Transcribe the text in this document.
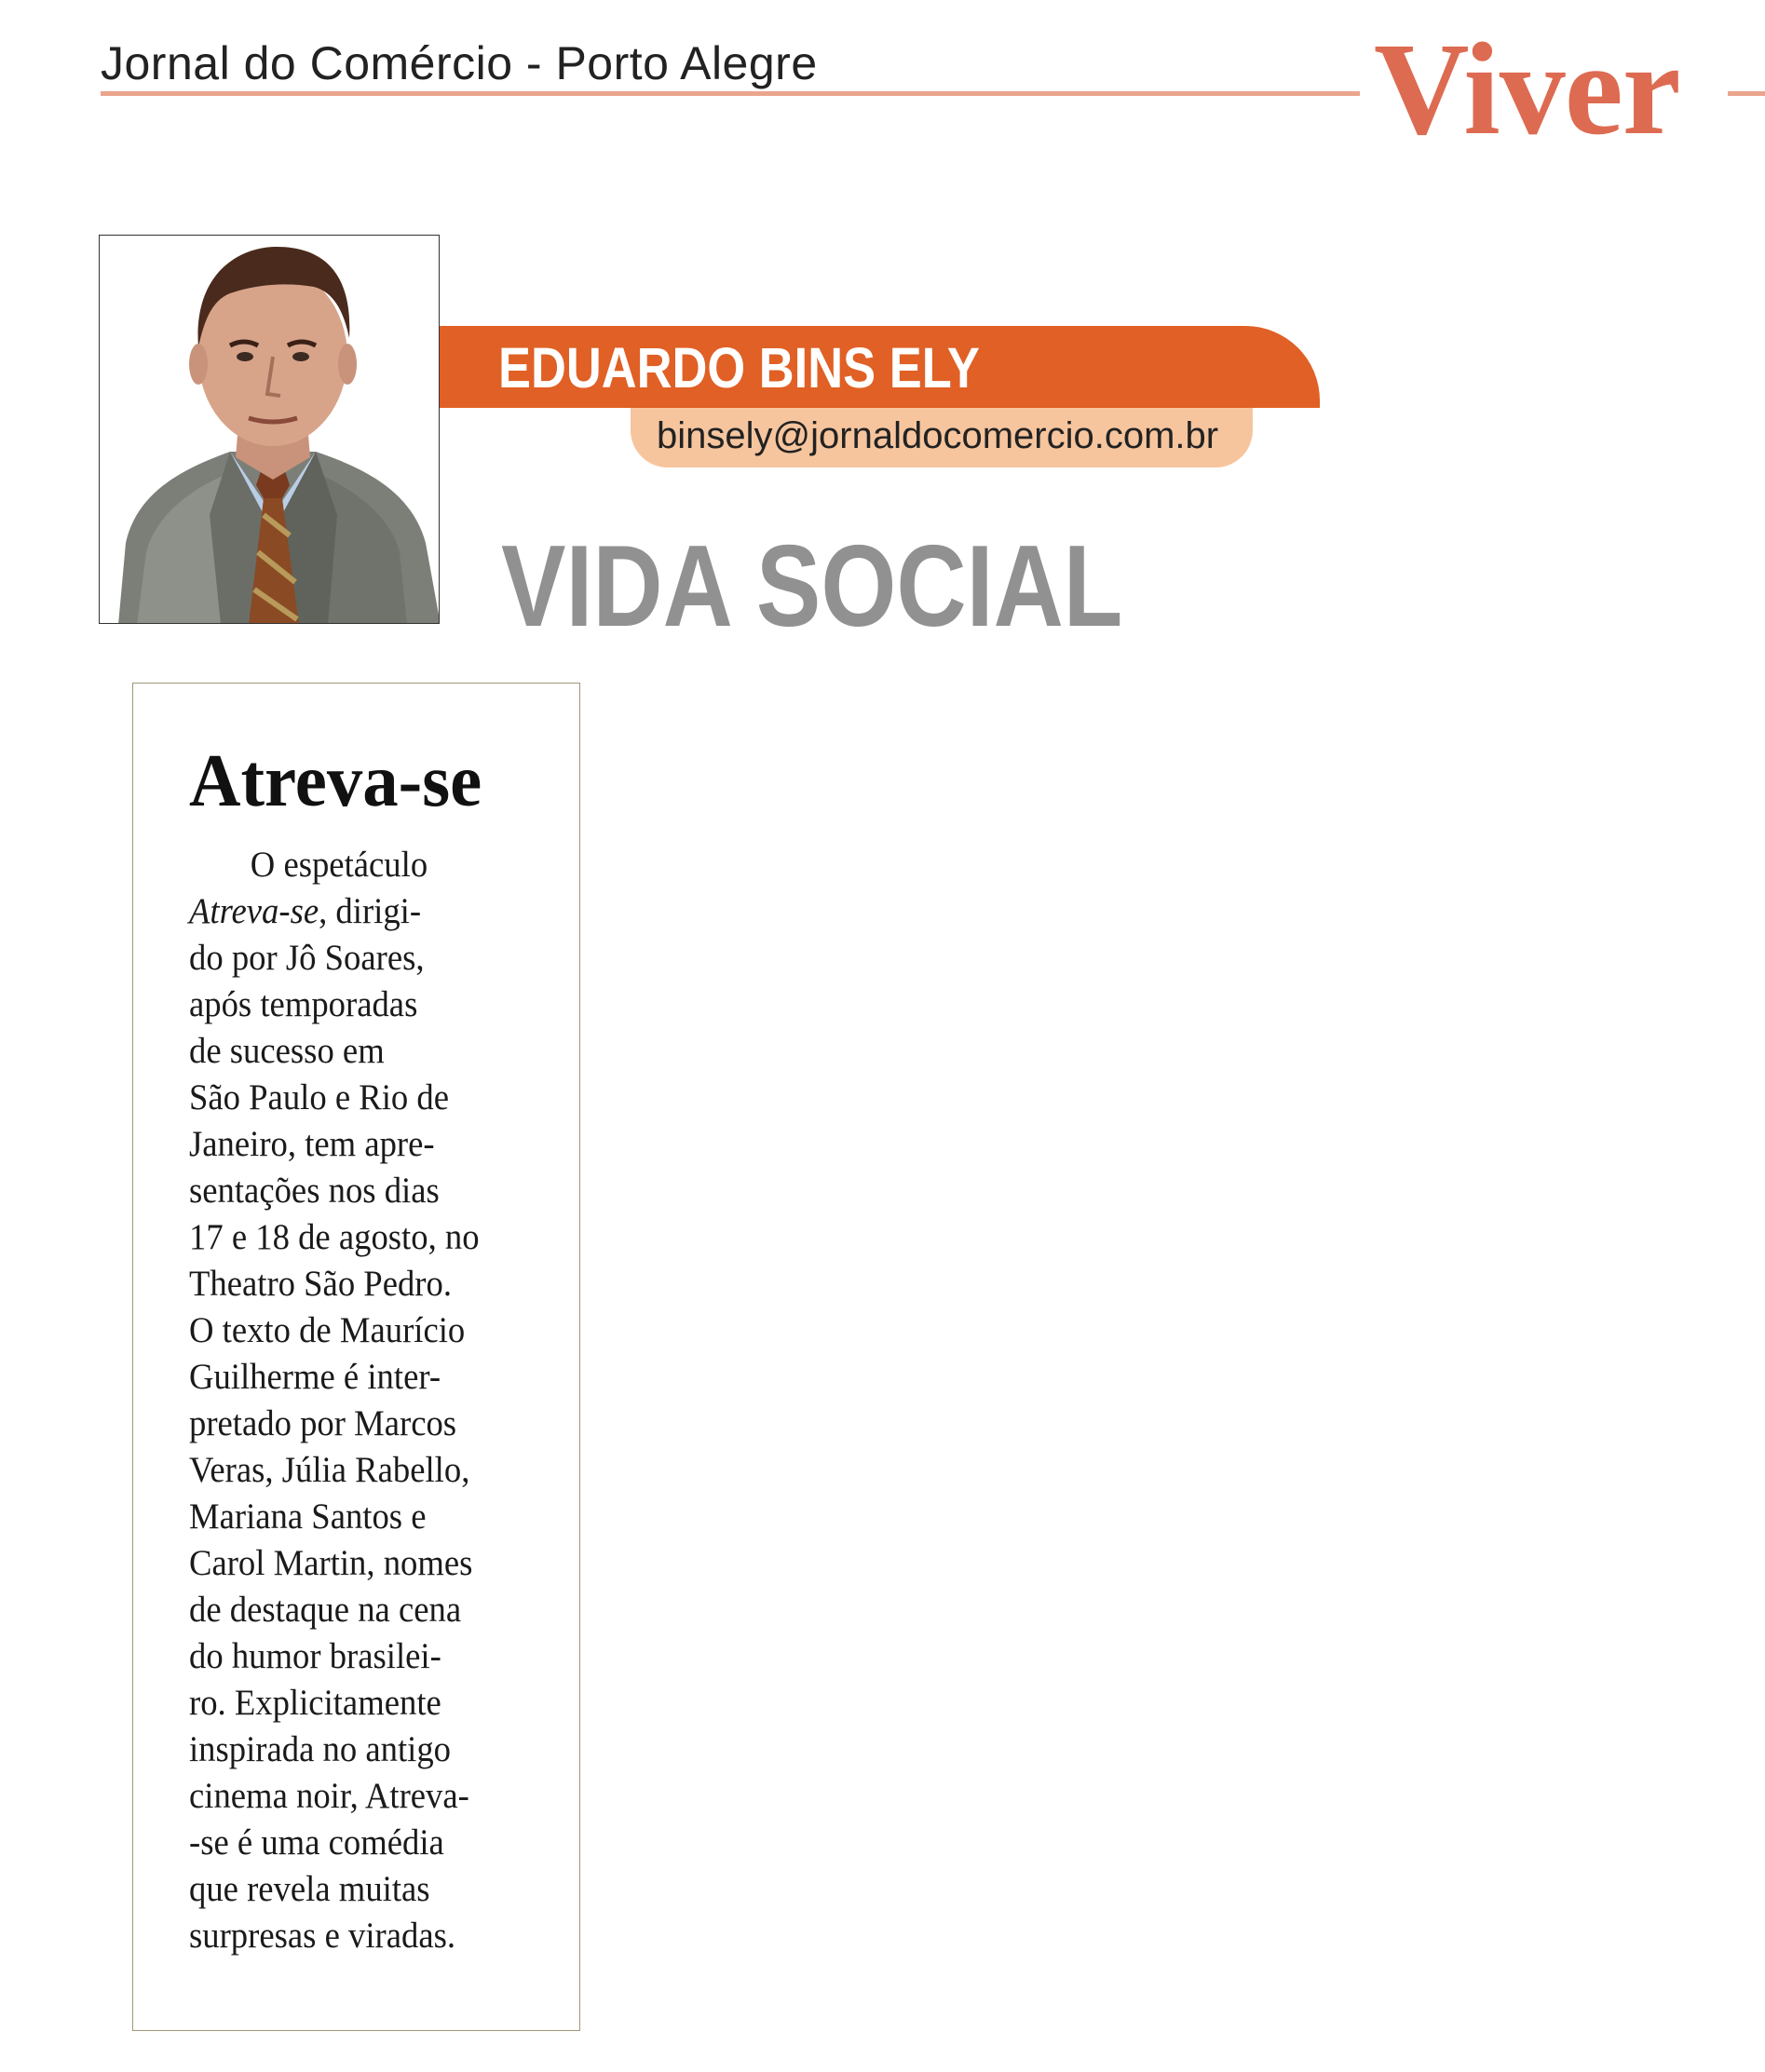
Jornal do Comércio - Porto Alegre	Viver
EDUARDO BINS ELY
binsely@jornaldocomercio.com.br
VIDA SOCIAL
Atreva-se
O espetáculo
Atreva-se, dirigi-
do por Jô Soares,
após temporadas
de sucesso em
São Paulo e Rio de
Janeiro, tem apre-
sentações nos dias
17 e 18 de agosto, no
Theatro São Pedro.
O texto de Maurício
Guilherme é inter-
pretado por Marcos
Veras, Júlia Rabello,
Mariana Santos e
Carol Martin, nomes
de destaque na cena
do humor brasilei-
ro. Explicitamente
inspirada no antigo
cinema noir, Atreva-
-se é uma comédia
que revela muitas
surpresas e viradas.
